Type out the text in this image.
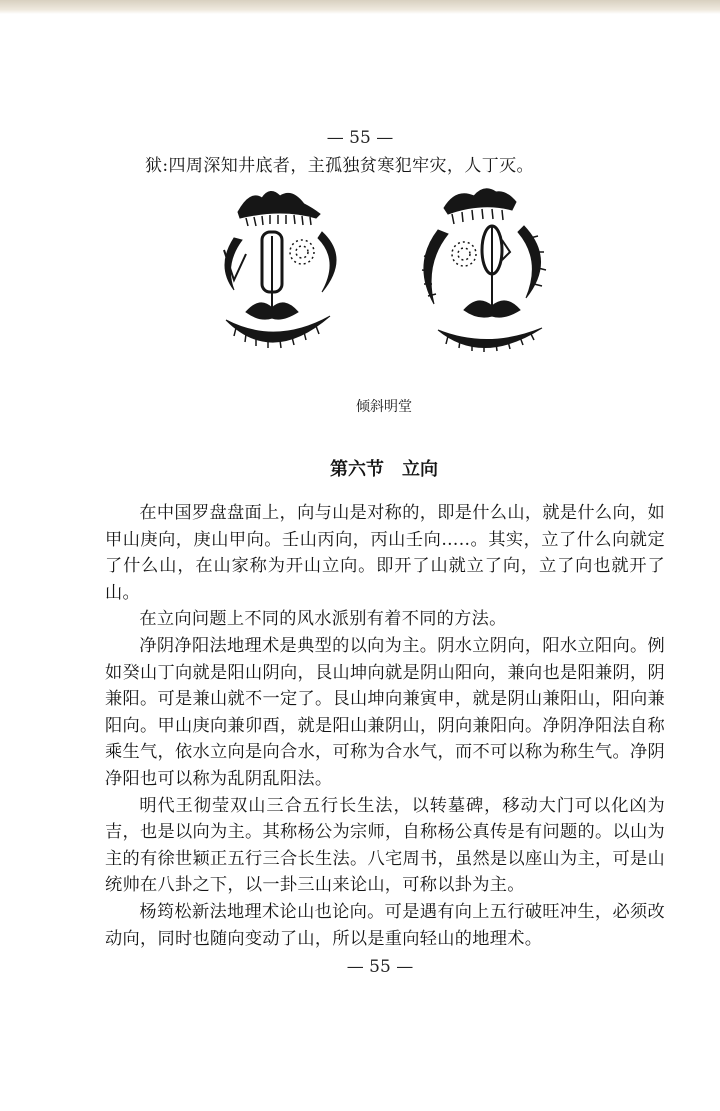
— 55 —
狱:四周深知井底者，主孤独贫寒犯牢灾，人丁灭。
倾斜明堂
第六节　立向

在中国罗盘盘面上，向与山是对称的，即是什么山，就是什么向，如甲山庚向，庚山甲向。壬山丙向，丙山壬向…..。其实，立了什么向就定了什么山，在山家称为开山立向。即开了山就立了向，立了向也就开了山。

在立向问题上不同的风水派别有着不同的方法。

净阴净阳法地理术是典型的以向为主。阴水立阴向，阳水立阳向。例如癸山丁向就是阳山阴向，艮山坤向就是阴山阳向，兼向也是阳兼阴，阴兼阳。可是兼山就不一定了。艮山坤向兼寅申，就是阴山兼阳山，阳向兼阳向。甲山庚向兼卯酉，就是阳山兼阴山，阴向兼阳向。净阴净阳法自称乘生气，依水立向是向合水，可称为合水气，而不可以称为称生气。净阴净阳也可以称为乱阴乱阳法。

明代王彻莹双山三合五行长生法，以转墓碑，移动大门可以化凶为吉，也是以向为主。其称杨公为宗师，自称杨公真传是有问题的。以山为主的有徐世颖正五行三合长生法。八宅周书，虽然是以座山为主，可是山统帅在八卦之下，以一卦三山来论山，可称以卦为主。

杨筠松新法地理术论山也论向。可是遇有向上五行破旺冲生，必须改动向，同时也随向变动了山，所以是重向轻山的地理术。

— 55 —
